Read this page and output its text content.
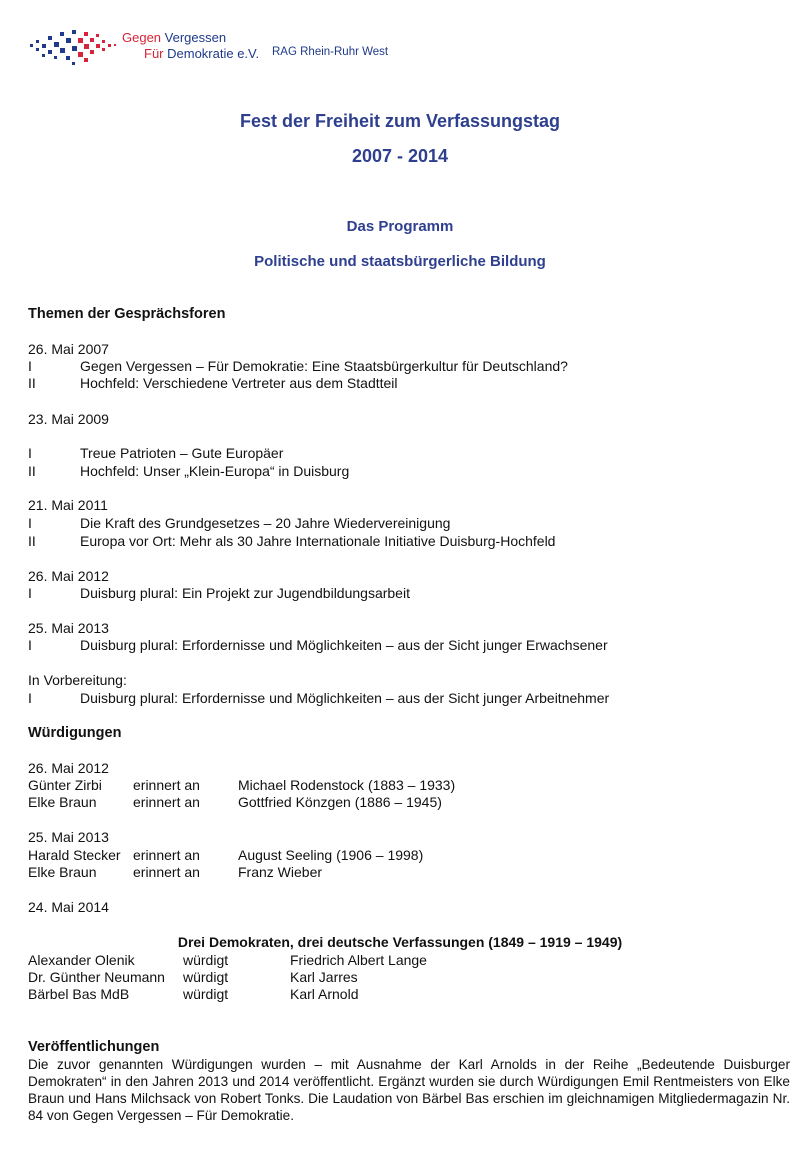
Gegen Vergessen
Für Demokratie e.V. RAG Rhein-Ruhr West
Fest der Freiheit zum Verfassungstag
2007 - 2014
Das Programm
Politische und staatsbürgerliche Bildung
Themen der Gesprächsforen
26. Mai 2007
I	Gegen Vergessen – Für Demokratie: Eine Staatsbürgerkultur für Deutschland?
II	Hochfeld: Verschiedene Vertreter aus dem Stadtteil
23. Mai 2009
I	Treue Patrioten – Gute Europäer
II	Hochfeld: Unser „Klein-Europa“ in Duisburg
21. Mai 2011
I	Die Kraft des Grundgesetzes – 20 Jahre Wiedervereinigung
II	Europa vor Ort: Mehr als 30 Jahre Internationale Initiative Duisburg-Hochfeld
26. Mai 2012
I	Duisburg plural: Ein Projekt zur Jugendbildungsarbeit
25. Mai 2013
I	Duisburg plural: Erfordernisse und Möglichkeiten – aus der Sicht junger Erwachsener
In Vorbereitung:
I	Duisburg plural: Erfordernisse und Möglichkeiten – aus der Sicht junger Arbeitnehmer
Würdigungen
26. Mai 2012
Günter Zirbi erinnert an	Michael Rodenstock (1883 – 1933)
Elke Braun	erinnert an	Gottfried Könzgen (1886 – 1945)
25. Mai 2013
Harald Stecker erinnert an	August Seeling (1906 – 1998)
Elke Braun	erinnert an	Franz Wieber
24. Mai 2014
Drei Demokraten, drei deutsche Verfassungen (1849 – 1919 – 1949)
Alexander Olenik	würdigt	Friedrich Albert Lange
Dr. Günther Neumann würdigt	Karl Jarres
Bärbel Bas MdB	würdigt	Karl Arnold
Veröffentlichungen
Die zuvor genannten Würdigungen wurden – mit Ausnahme der Karl Arnolds in der Reihe „Bedeutende Duisburger Demokraten“ in den Jahren 2013 und 2014 veröffentlicht. Ergänzt wurden sie durch Würdigungen Emil Rentmeisters von Elke Braun und Hans Milchsack von Robert Tonks. Die Laudation von Bärbel Bas erschien im gleichnamigen Mitgliedermagazin Nr. 84 von Gegen Vergessen – Für Demokratie.
